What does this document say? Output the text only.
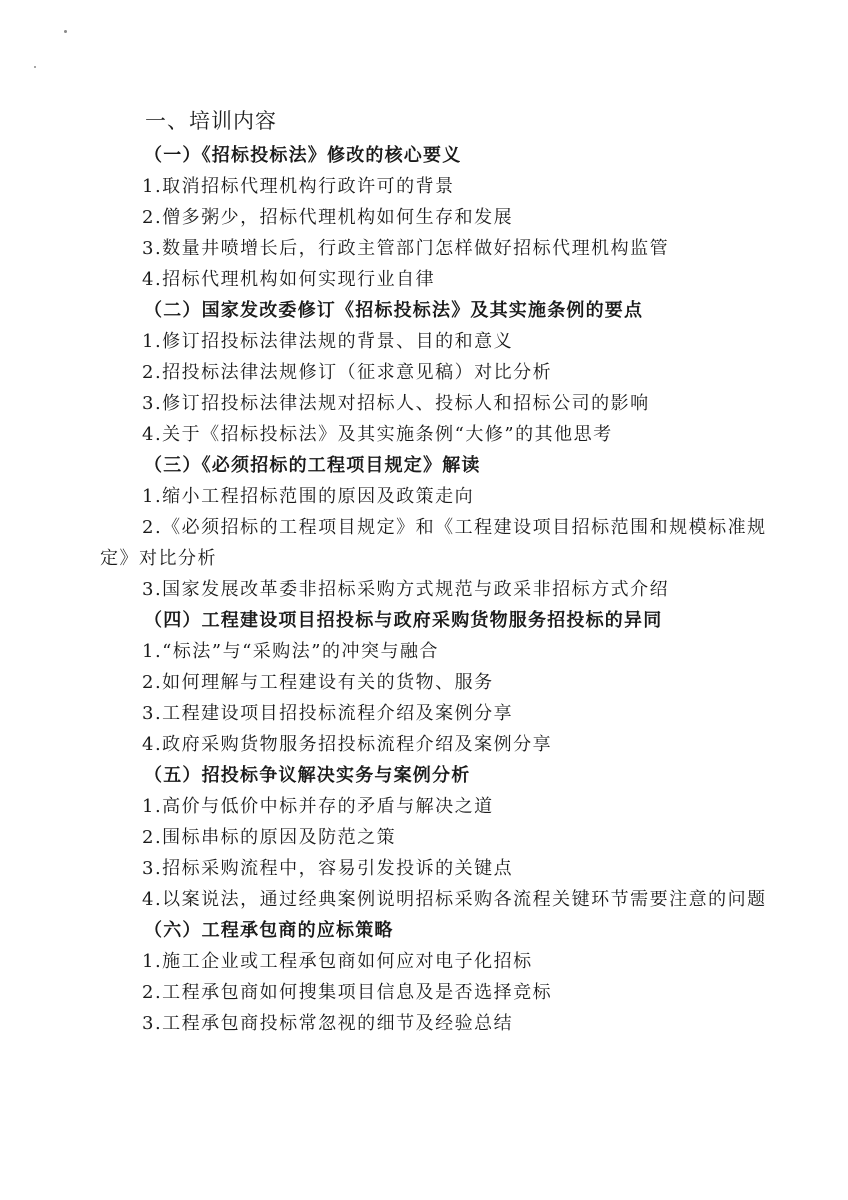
一、培训内容
（一）《招标投标法》修改的核心要义
1.取消招标代理机构行政许可的背景
2.僧多粥少，招标代理机构如何生存和发展
3.数量井喷增长后，行政主管部门怎样做好招标代理机构监管
4.招标代理机构如何实现行业自律
（二）国家发改委修订《招标投标法》及其实施条例的要点
1.修订招投标法律法规的背景、目的和意义
2.招投标法律法规修订（征求意见稿）对比分析
3.修订招投标法律法规对招标人、投标人和招标公司的影响
4.关于《招标投标法》及其实施条例“大修”的其他思考
（三）《必须招标的工程项目规定》解读
1.缩小工程招标范围的原因及政策走向
2.《必须招标的工程项目规定》和《工程建设项目招标范围和规模标准规定》对比分析
3.国家发展改革委非招标采购方式规范与政采非招标方式介绍
（四）工程建设项目招投标与政府采购货物服务招投标的异同
1.“标法”与“采购法”的冲突与融合
2.如何理解与工程建设有关的货物、服务
3.工程建设项目招投标流程介绍及案例分享
4.政府采购货物服务招投标流程介绍及案例分享
（五）招投标争议解决实务与案例分析
1.高价与低价中标并存的矛盾与解决之道
2.围标串标的原因及防范之策
3.招标采购流程中，容易引发投诉的关键点
4.以案说法，通过经典案例说明招标采购各流程关键环节需要注意的问题
（六）工程承包商的应标策略
1.施工企业或工程承包商如何应对电子化招标
2.工程承包商如何搜集项目信息及是否选择竞标
3.工程承包商投标常忽视的细节及经验总结
